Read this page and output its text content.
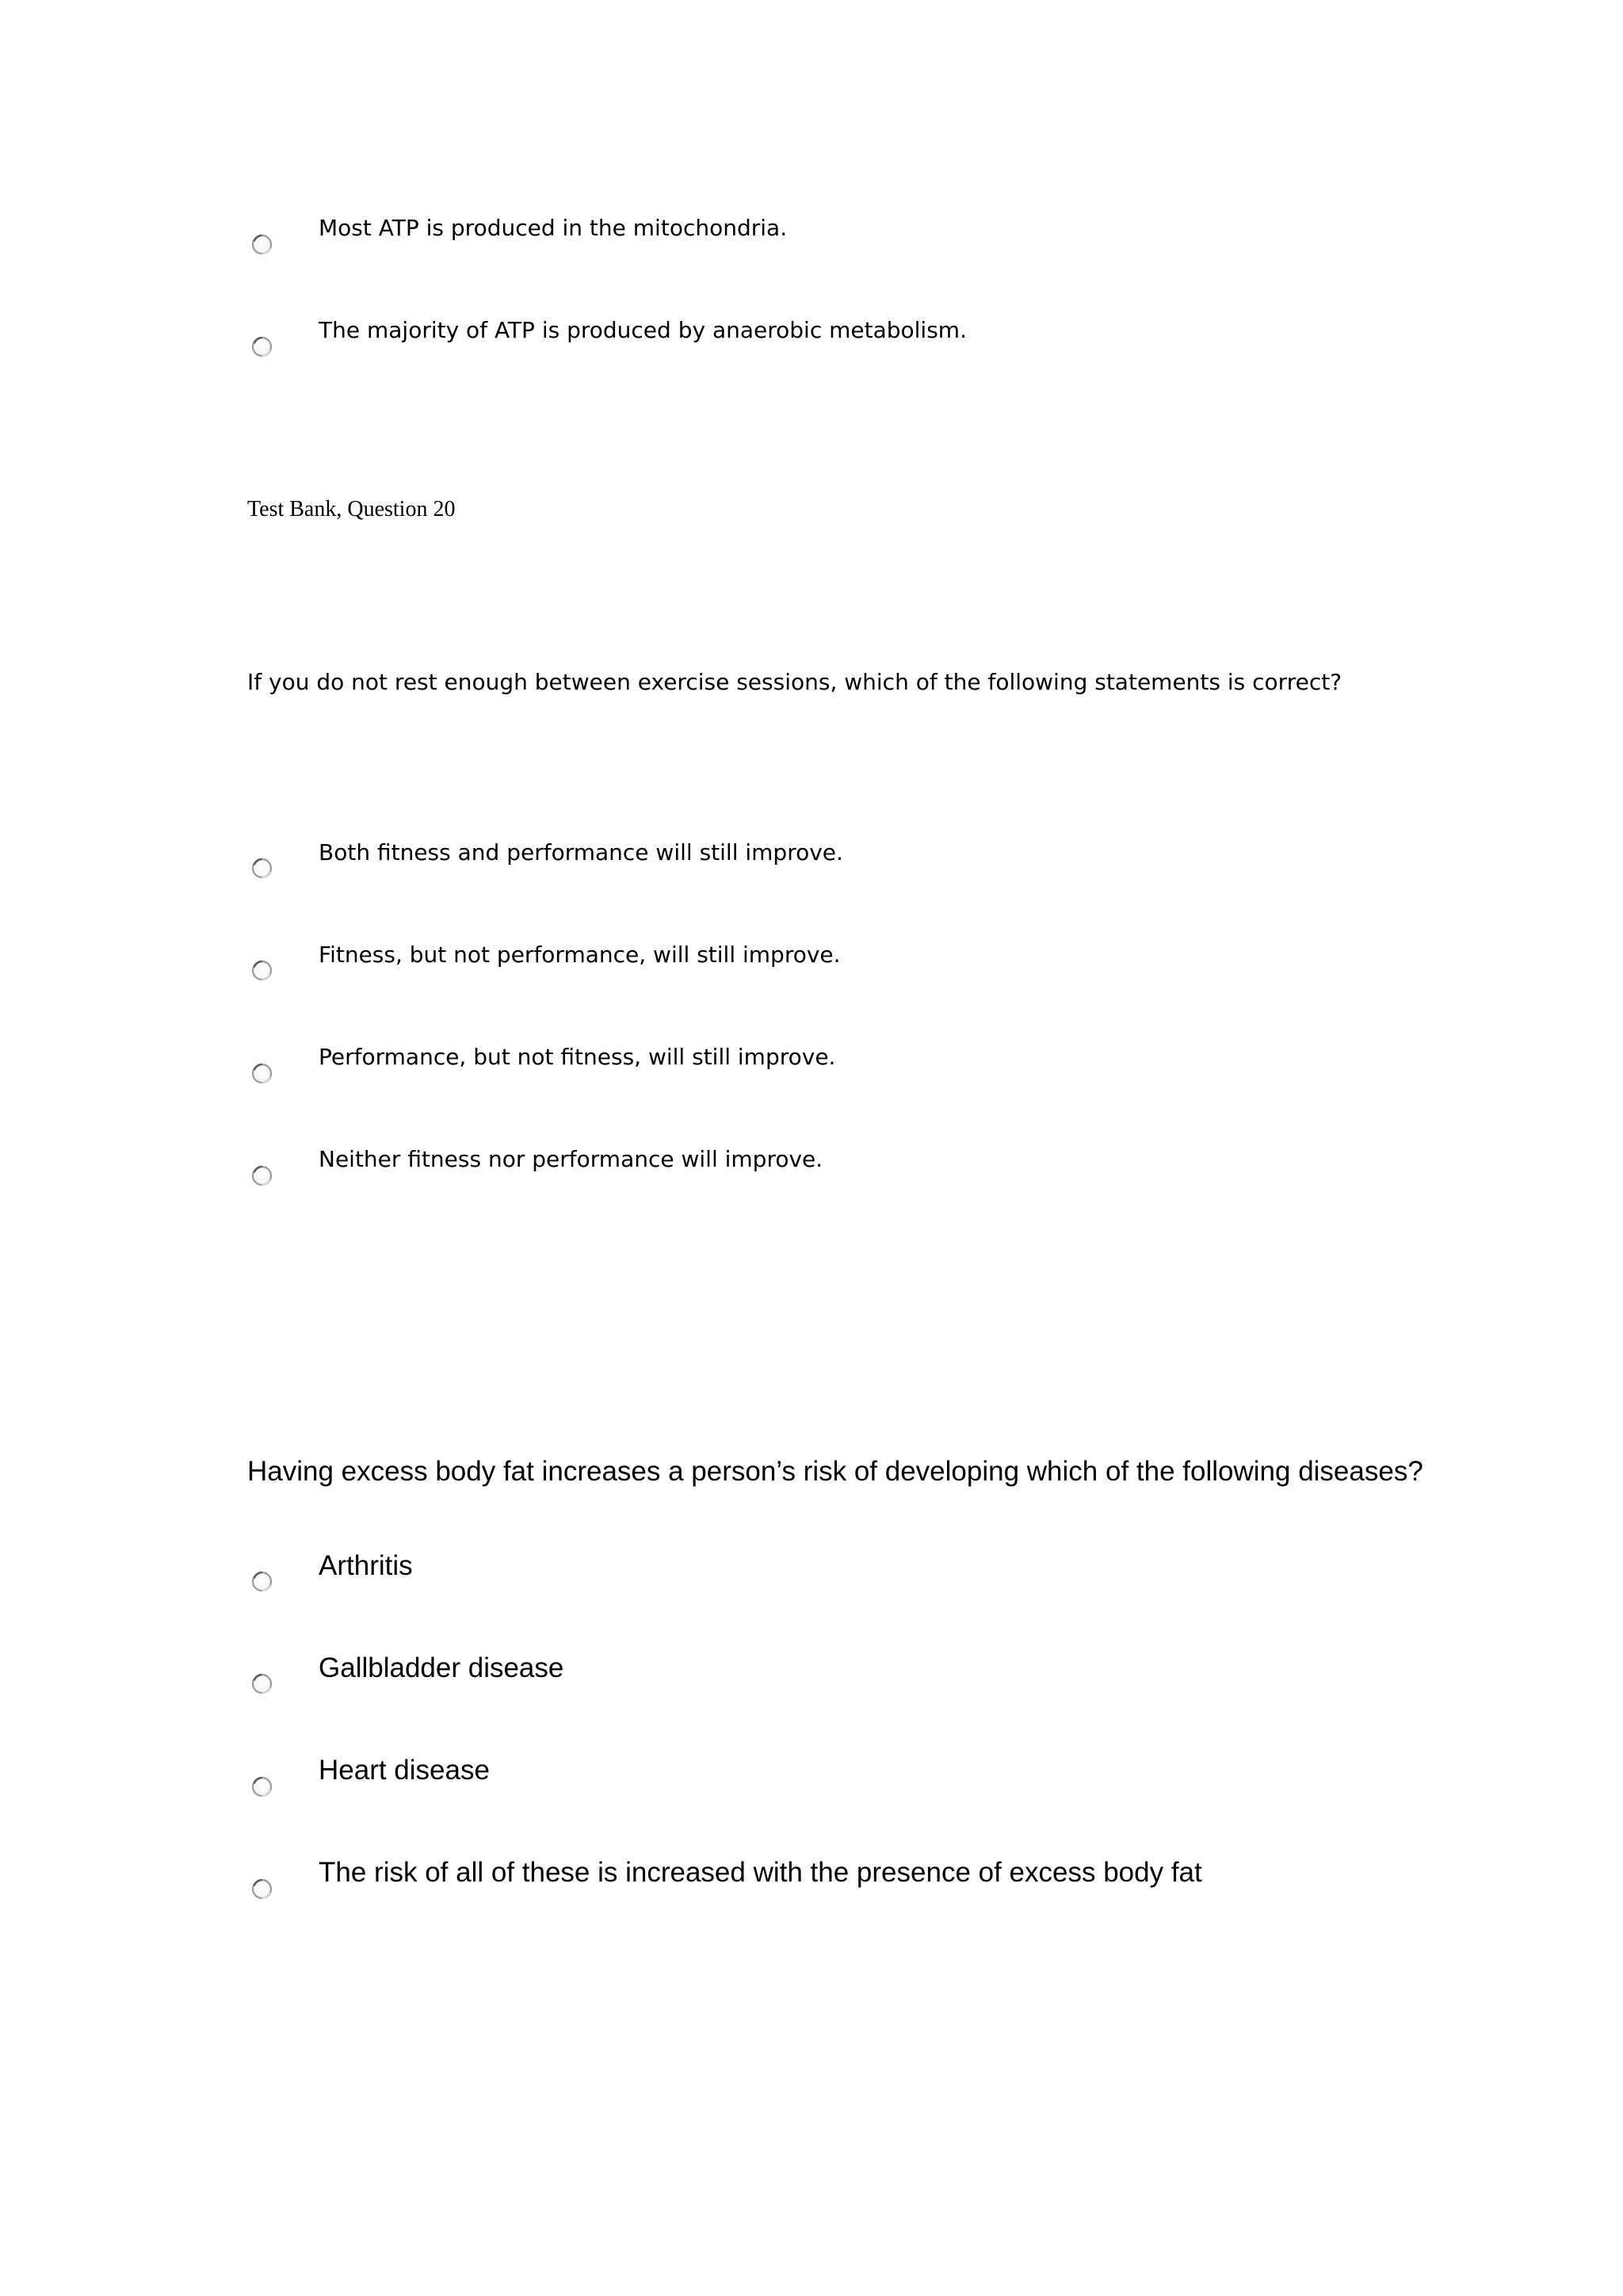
Most ATP is produced in the mitochondria.
The majority of ATP is produced by anaerobic metabolism.
Test Bank, Question 20
If you do not rest enough between exercise sessions, which of the following statements is correct?
Both fitness and performance will still improve.
Fitness, but not performance, will still improve.
Performance, but not fitness, will still improve.
Neither fitness nor performance will improve.
Having excess body fat increases a person’s risk of developing which of the following diseases?
Arthritis
Gallbladder disease
Heart disease
The risk of all of these is increased with the presence of excess body fat
